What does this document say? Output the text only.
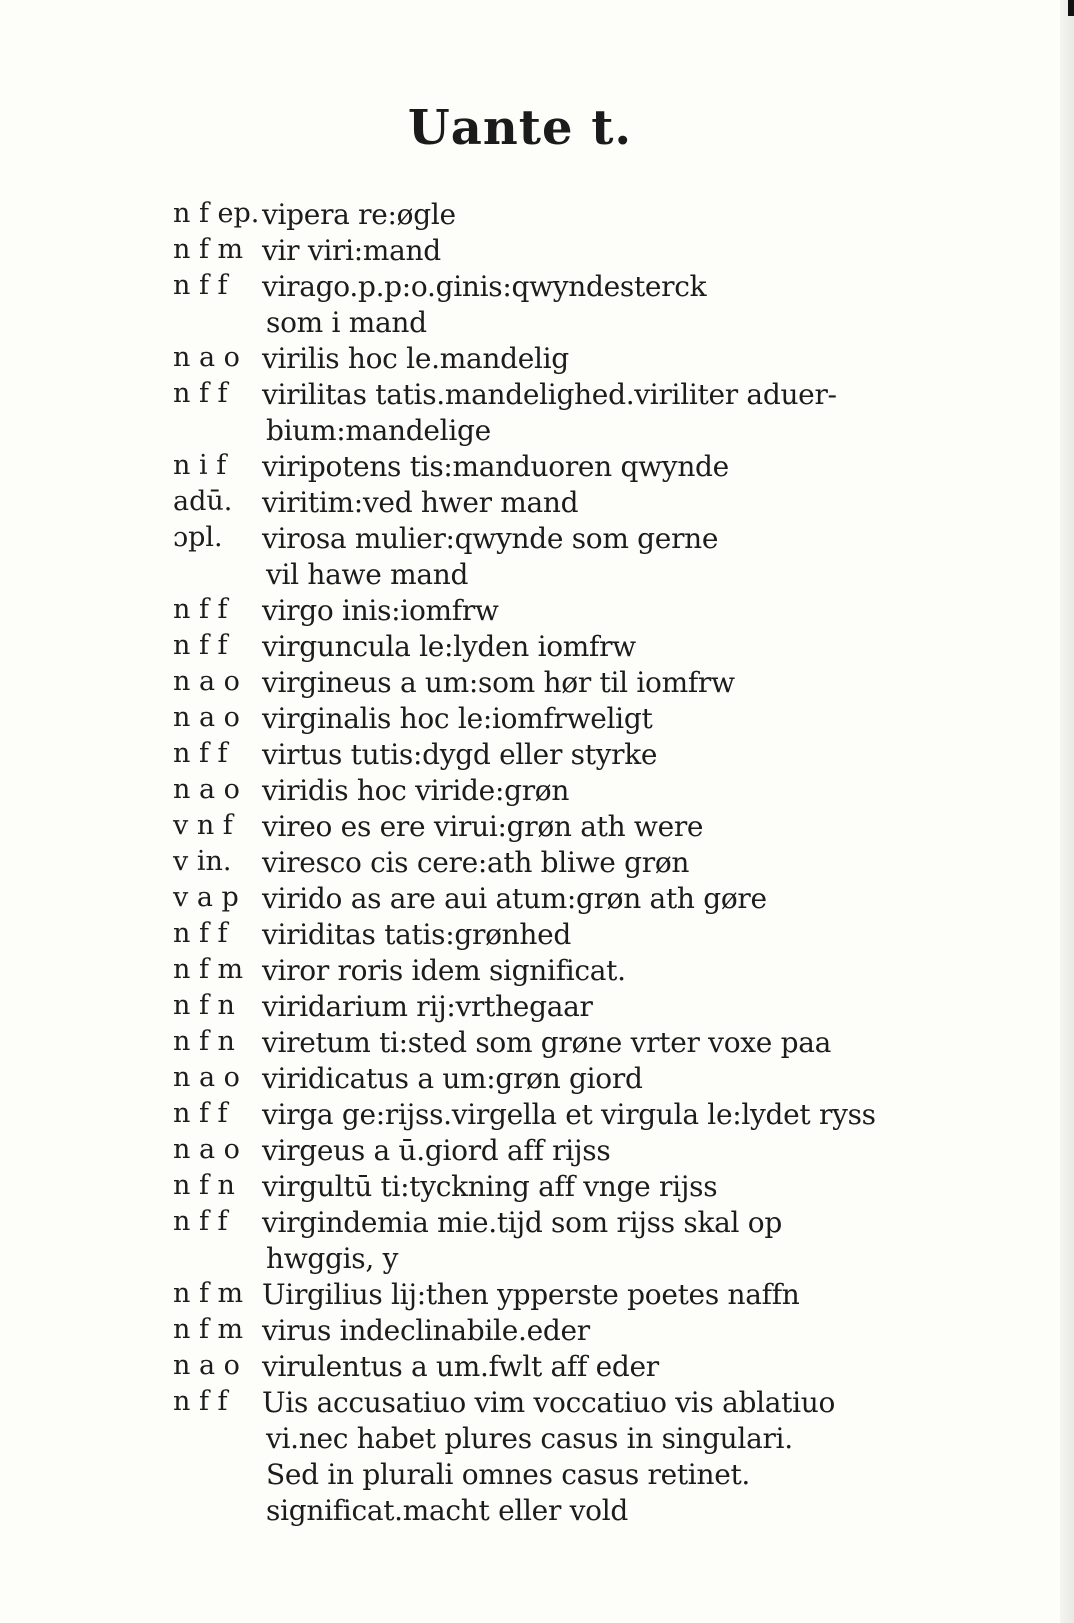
Uante t.
n f ep. vipera re:øgle
n f m vir viri:mand
n f f virago.p.p:o.ginis:qwyndesterck
som i mand
n a o virilis hoc le.mandelig
n f f virilitas tatis.mandelighed.viriliter aduer-
bium:mandelige
n i f viripotens tis:manduoren qwynde
adū. viritim:ved hwer mand
ɔpl. virosa mulier:qwynde som gerne
vil hawe mand
n f f virgo inis:iomfrw
n f f virguncula le:lyden iomfrw
n a o virgineus a um:som hør til iomfrw
n a o virginalis hoc le:iomfrweligt
n f f virtus tutis:dygd eller styrke
n a o viridis hoc viride:grøn
v n f vireo es ere virui:grøn ath were
v in. viresco cis cere:ath bliwe grøn
v a p virido as are aui atum:grøn ath gøre
n f f viriditas tatis:grønhed
n f m viror roris idem significat.
n f n viridarium rij:vrthegaar
n f n viretum ti:sted som grøne vrter voxe paa
n a o viridicatus a um:grøn giord
n f f virga ge:rijss.virgella et virgula le:lydet ryss
n a o virgeus a ū.giord aff rijss
n f n virgultū ti:tyckning aff vnge rijss
n f f virgindemia mie.tijd som rijss skal op
hwggis, y
n f m Uirgilius lij:then ypperste poetes naffn
n f m virus indeclinabile.eder
n a o virulentus a um.fwlt aff eder
n f f Uis accusatiuo vim voccatiuo vis ablatiuo
vi.nec habet plures casus in singulari.
Sed in plurali omnes casus retinet.
significat.macht eller vold
